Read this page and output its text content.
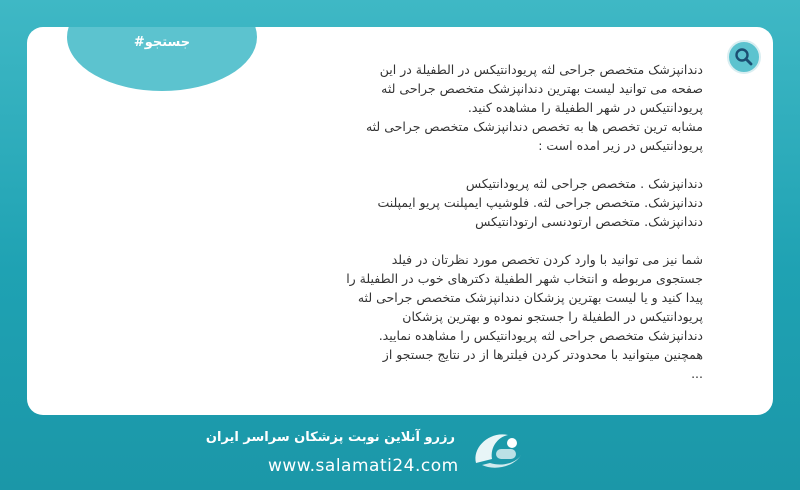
#جستجو

دندانپزشک متخصص جراحی لثه پریودانتیکس در الطفیلة در این

صفحه می توانید لیست بهترین دندانپزشک متخصص جراحی لثه

پریودانتیکس در شهر الطفیلة را مشاهده کنید.

مشابه ترین تخصص ها به تخصص دندانپزشک متخصص جراحی لثه

پریودانتیکس در زیر امده است :

دندانپزشک . متخصص جراحی لثه پریودانتیکس

دندانپزشک. متخصص جراحی لثه. فلوشیپ ایمپلنت پریو ایمپلنت

دندانپزشک. متخصص ارتودنسی ارتودانتیکس

شما نیز می توانید با وارد کردن تخصص مورد نظرتان در فیلد

جستجوی مربوطه و انتخاب شهر الطفیلة دکترهای خوب در الطفیلة را

پیدا کنید و یا لیست بهترین پزشکان دندانپزشک متخصص جراحی لثه

پریودانتیکس در الطفیلة را جستجو نموده و بهترین پزشکان

دندانپزشک متخصص جراحی لثه پریودانتیکس را مشاهده نمایید.

همچنین میتوانید با محدودتر کردن فیلترها از در نتایج جستجو از

...

رزرو آنلاین نوبت پزشکان سراسر ایران
www.salamati24.com
